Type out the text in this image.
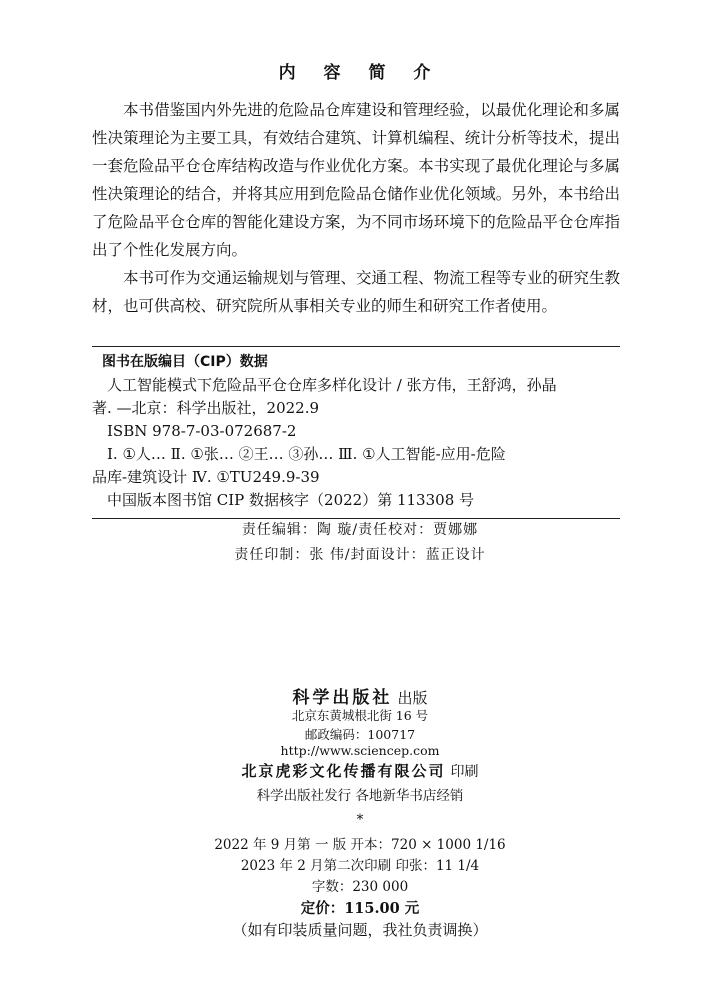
内 容 简 介

本书借鉴国内外先进的危险品仓库建设和管理经验，以最优化理论和多属性决策理论为主要工具，有效结合建筑、计算机编程、统计分析等技术，提出一套危险品平仓仓库结构改造与作业优化方案。本书实现了最优化理论与多属性决策理论的结合，并将其应用到危险品仓储作业优化领域。另外，本书给出了危险品平仓仓库的智能化建设方案，为不同市场环境下的危险品平仓仓库指出了个性化发展方向。

本书可作为交通运输规划与管理、交通工程、物流工程等专业的研究生教材，也可供高校、研究院所从事相关专业的师生和研究工作者使用。

图书在版编目（CIP）数据

人工智能模式下危险品平仓仓库多样化设计 / 张方伟，王舒鸿，孙晶

著. —北京：科学出版社，2022.9

ISBN 978-7-03-072687-2

Ⅰ. ①人… Ⅱ. ①张… ②王… ③孙… Ⅲ. ①人工智能-应用-危险

品库-建筑设计 Ⅳ. ①TU249.9-39

中国版本图书馆 CIP 数据核字（2022）第 113308 号

责任编辑：陶 璇/责任校对：贾娜娜
责任印制：张 伟/封面设计：蓝正设计
科学出版社 出版
北京东黄城根北街 16 号
邮政编码：100717
http://www.sciencep.com
北京虎彩文化传播有限公司 印刷
科学出版社发行 各地新华书店经销
*
2022 年 9 月第 一 版 开本：720 × 1000 1/16
2023 年 2 月第二次印刷 印张：11 1/4
字数：230 000
定价：115.00 元
（如有印装质量问题，我社负责调换）
